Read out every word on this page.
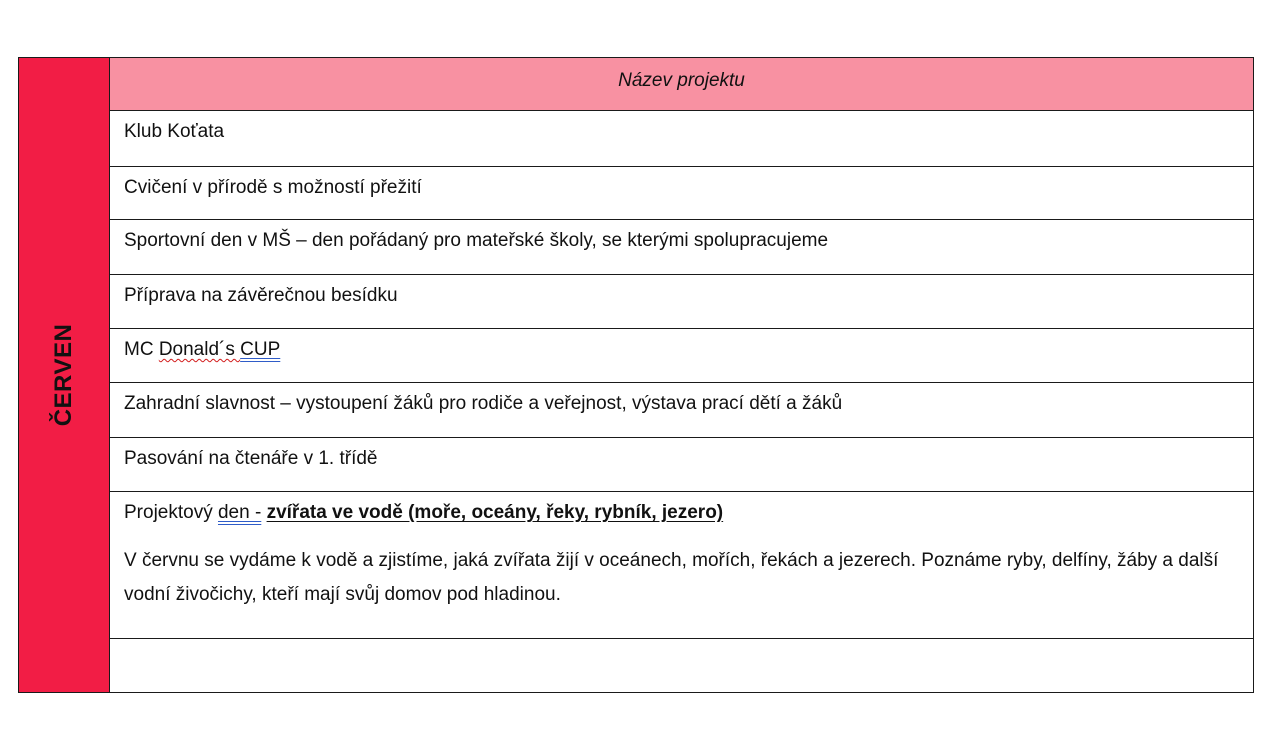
ČERVEN
Název projektu
Klub Koťata
Cvičení v přírodě s možností přežití
Sportovní den v MŠ – den pořádaný pro mateřské školy, se kterými spolupracujeme
Příprava na závěrečnou besídku
MC Donald´s CUP
Zahradní slavnost – vystoupení žáků pro rodiče a veřejnost, výstava prací dětí a žáků
Pasování na čtenáře v 1. třídě
Projektový den - zvířata ve vodě (moře, oceány, řeky, rybník, jezero)
V červnu se vydáme k vodě a zjistíme, jaká zvířata žijí v oceánech, mořích, řekách a jezerech. Poznáme ryby, delfíny, žáby a další vodní živočichy, kteří mají svůj domov pod hladinou.
